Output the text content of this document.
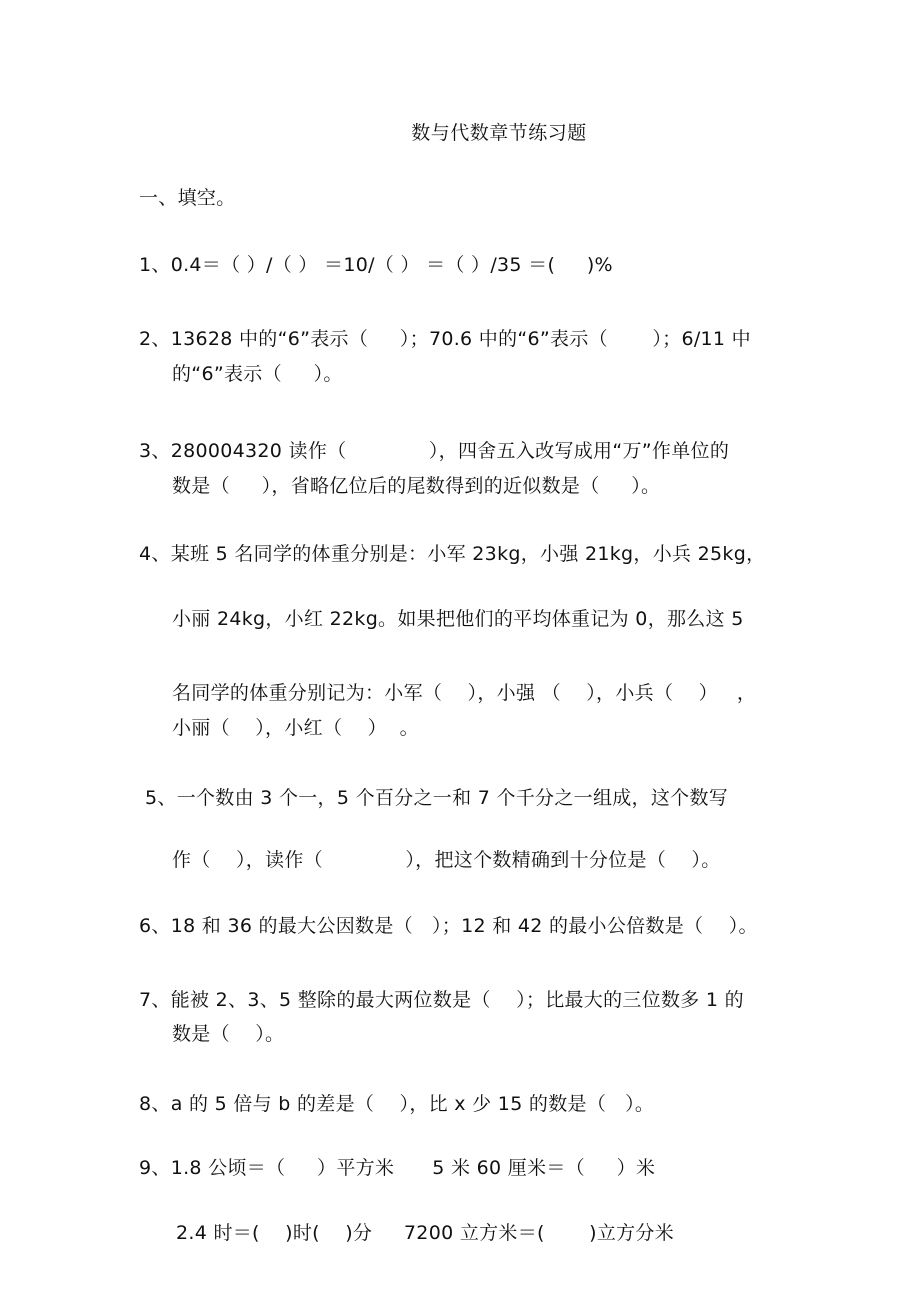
数与代数章节练习题
一、填空。
1、0.4＝（ ）/（ ） ＝10/（ ） ＝（ ）/35 ＝(     )%
2、13628 中的“6”表示（     ）；70.6 中的“6”表示（       ）；6/11 中
的“6”表示（     ）。
3、280004320 读作（             ），四舍五入改写成用“万”作单位的
数是（     ），省略亿位后的尾数得到的近似数是（     ）。
4、某班 5 名同学的体重分别是：小军 23kg，小强 21kg，小兵 25kg，
小丽 24kg，小红 22kg。如果把他们的平均体重记为 0，那么这 5
名同学的体重分别记为：小军（    ），小强 （    ），小兵（    ）   ，
小丽（    ），小红（    ）  。
5、一个数由 3 个一，5 个百分之一和 7 个千分之一组成，这个数写
作（    ），读作（             ），把这个数精确到十分位是（    ）。
6、18 和 36 的最大公因数是（   ）；12 和 42 的最小公倍数是（    ）。
7、能被 2、3、5 整除的最大两位数是（    ）；比最大的三位数多 1 的
数是（    ）。
8、a 的 5 倍与 b 的差是（    ），比 x 少 15 的数是（   ）。
9、1.8 公顷＝（     ）平方米      5 米 60 厘米＝（     ）米
2.4 时＝(    )时(    )分     7200 立方米＝(       )立方分米
